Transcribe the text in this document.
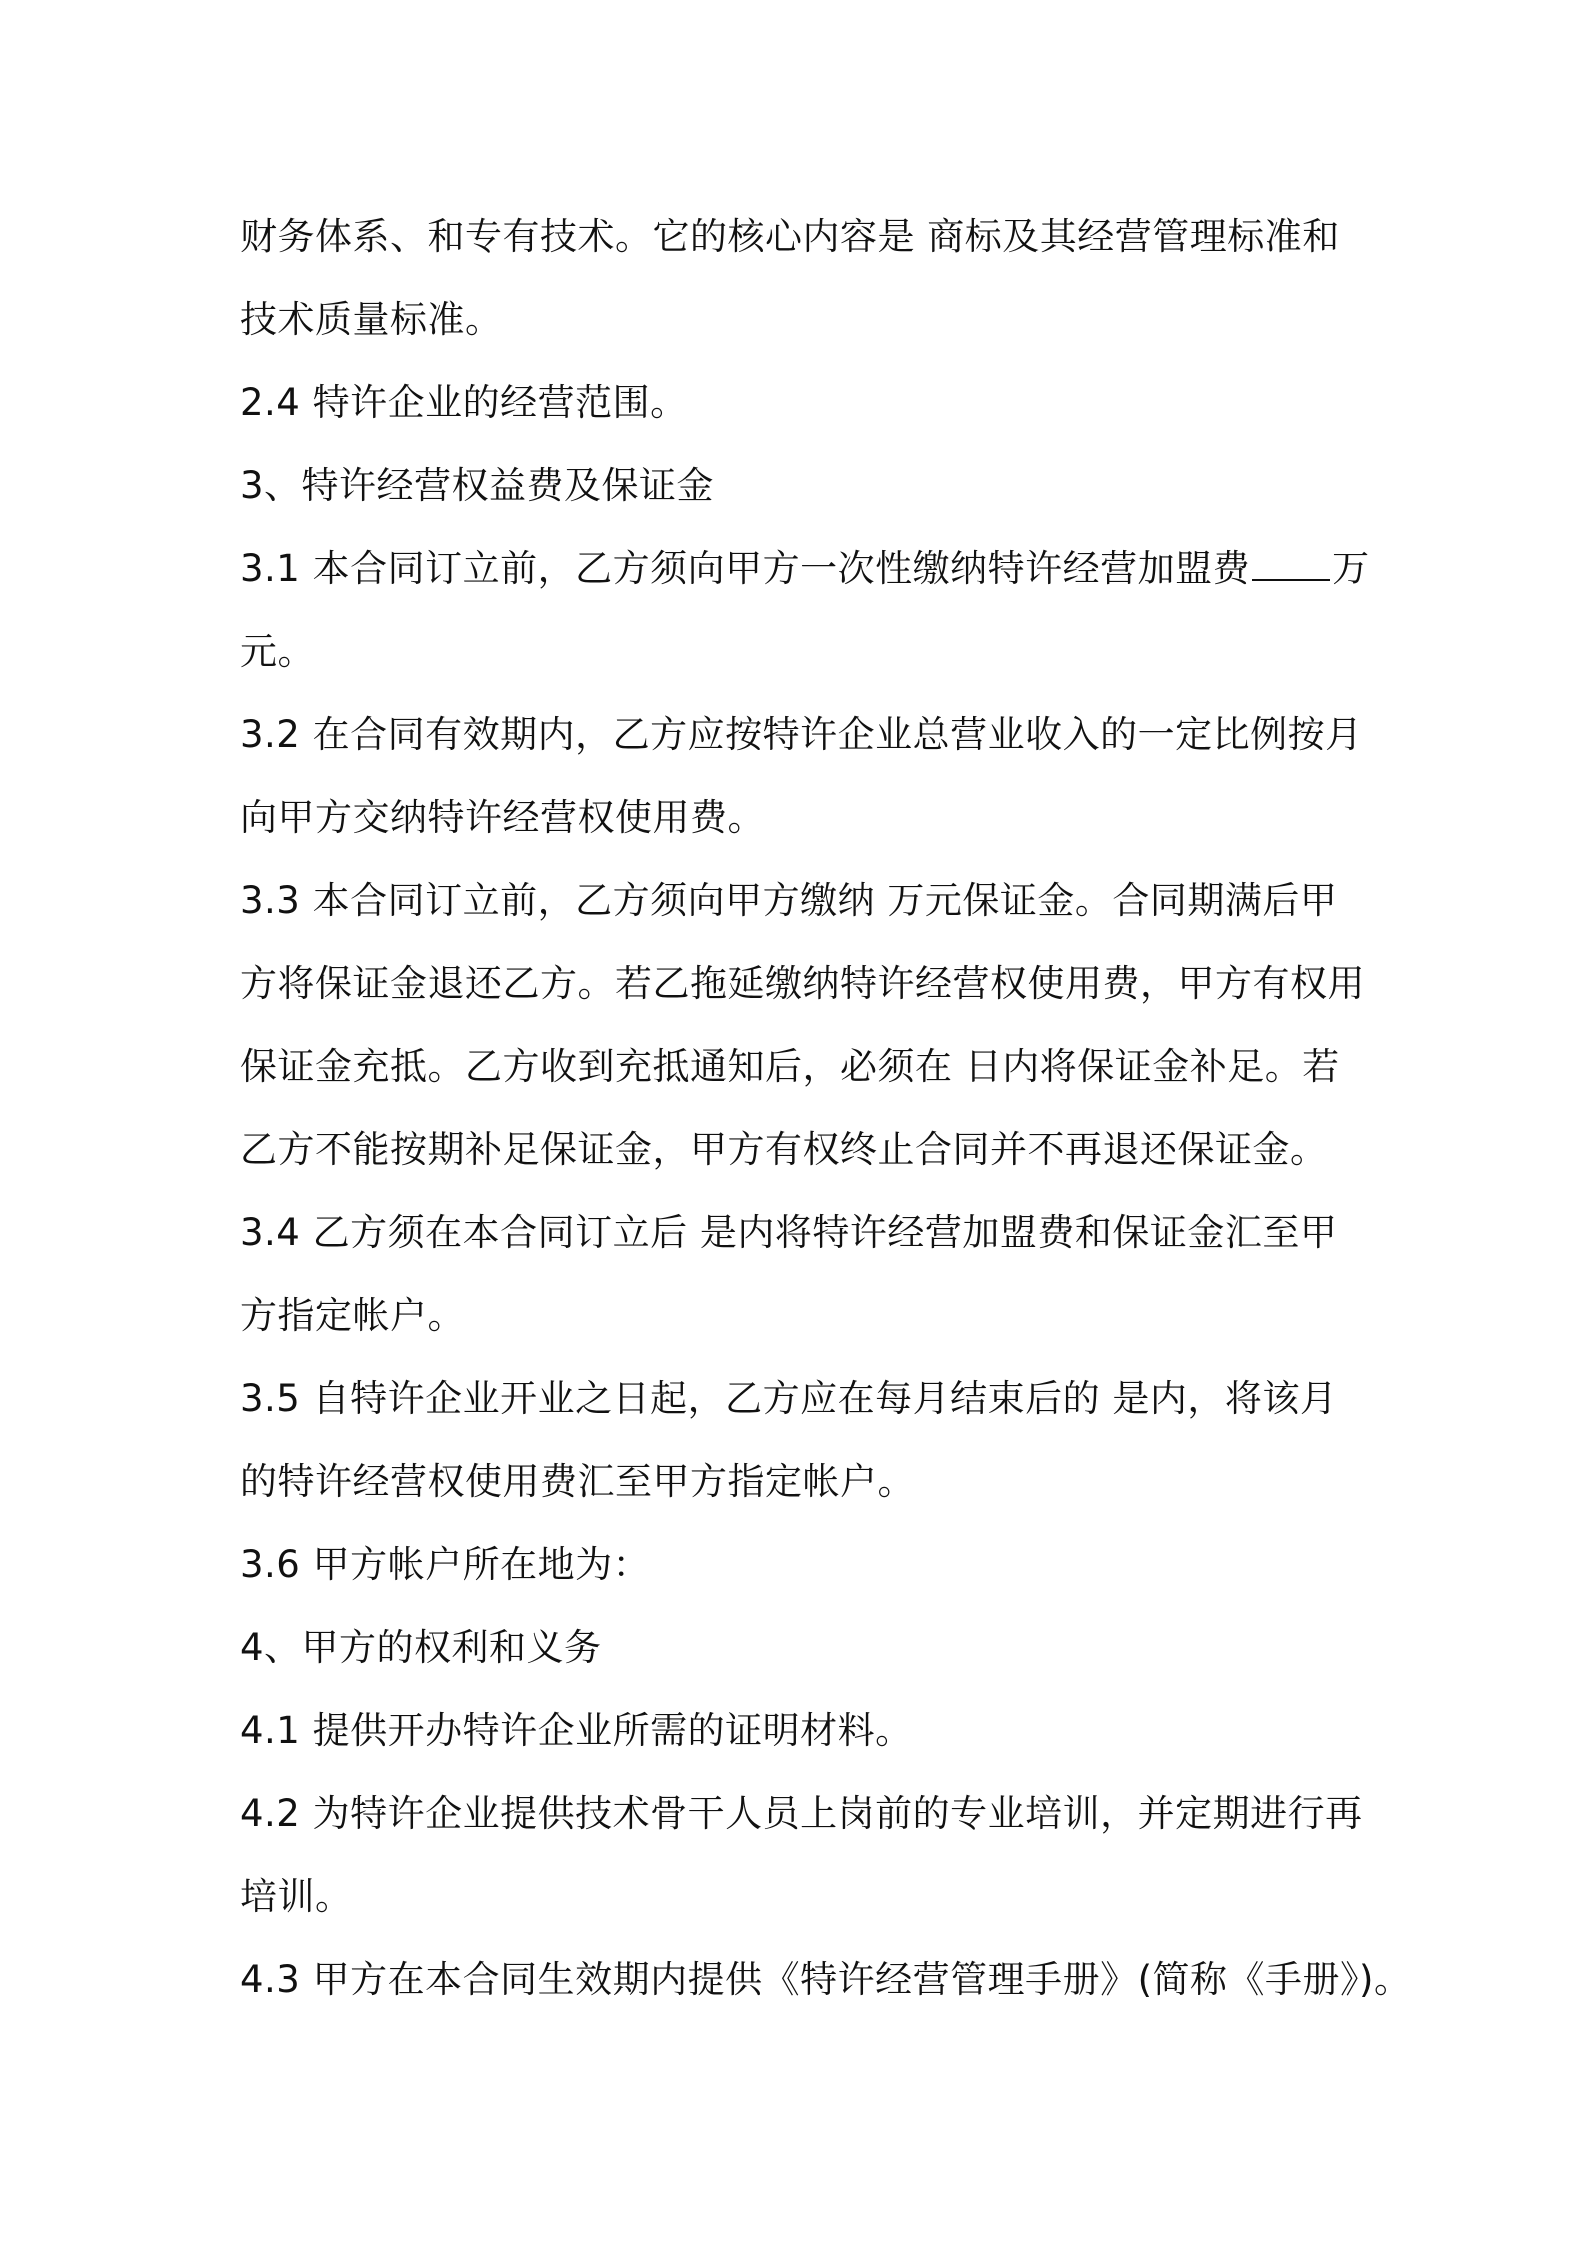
财务体系、和专有技术。它的核心内容是 商标及其经营管理标准和
技术质量标准。
2.4 特许企业的经营范围。
3、特许经营权益费及保证金
3.1 本合同订立前，乙方须向甲方一次性缴纳特许经营加盟费 万
元。
3.2 在合同有效期内，乙方应按特许企业总营业收入的一定比例按月
向甲方交纳特许经营权使用费。
3.3 本合同订立前，乙方须向甲方缴纳 万元保证金。合同期满后甲
方将保证金退还乙方。若乙拖延缴纳特许经营权使用费，甲方有权用
保证金充抵。乙方收到充抵通知后，必须在 日内将保证金补足。若
乙方不能按期补足保证金，甲方有权终止合同并不再退还保证金。
3.4 乙方须在本合同订立后 是内将特许经营加盟费和保证金汇至甲
方指定帐户。
3.5 自特许企业开业之日起，乙方应在每月结束后的 是内，将该月
的特许经营权使用费汇至甲方指定帐户。
3.6 甲方帐户所在地为：
4、甲方的权利和义务
4.1 提供开办特许企业所需的证明材料。
4.2 为特许企业提供技术骨干人员上岗前的专业培训，并定期进行再
培训。
4.3 甲方在本合同生效期内提供《特许经营管理手册》(简称《手册》)。
